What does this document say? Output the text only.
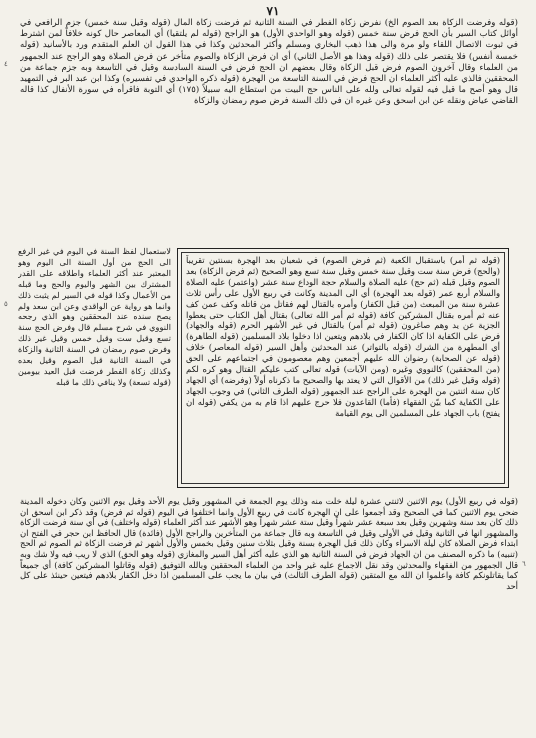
٧١
(قوله وفرضت الزكاة بعد الصوم الخ) نفرض زكاة الفطر في السنة الثانية ثم فرضت زكاة المال (قوله وقيل سنة خمس) جزم الرافعي في أوائل كتاب السير بأن الحج فرض سنة خمس (قوله وهو الواحدي الأول) هو الراجح (قوله لم يلتقيا) أي المعاصر حال كونه خلافاً لمن اشترط في ثبوت الاتصال اللقاء ولو مرة والى هذا ذهب البخاري ومسلم وأكثر المحدثين وكذا في هذا القول ان العلم المتقدم ورد بالأسانيد (قوله خمسة أنفس) فلا يقتصر على ذلك (قوله وهذا هو الأصل الثاني) أي ان فرض الزكاة والصوم متأخر عن فرض الصلاة وهو الراجح عند الجمهور من العلماء وقال آخرون الصوم فرض قبل الزكاة وقال بعضهم ان الحج فرض في السنة السادسة وقيل في التاسعة وبه جزم جماعة من المحققين فالذي عليه أكثر العلماء ان الحج فرض في السنة التاسعة من الهجرة (قوله ذكره الواحدي في تفسيره) وكذا ابن عبد البر في التمهيد قال وهو أصح ما قيل فيه لقوله تعالى ولله على الناس حج البيت من استطاع اليه سبيلاً (١٧٥) أي التوبة فاقرأه في سورة الأنفال كذا قاله القاضي عياض ونقله عن ابن اسحق وعن غيره ان في ذلك السنة فرض صوم رمضان والزكاة
(قوله ثم أمر) باستقبال الكعبة (ثم فرض الصوم) في شعبان بعد الهجرة بسنتين تقريباً (والحج) فرض سنة ست وقيل سنة خمس وقيل سنة تسع وهو الصحيح (ثم فرض الزكاة) بعد الصوم وقيل قبله (ثم حج) عليه الصلاة والسلام حجة الوداع سنة عشر (واعتمر) عليه الصلاة والسلام أربع عمر (قوله بعد الهجرة) أي الى المدينة وكانت في ربيع الأول على رأس ثلاث عشرة سنة من المبعث (من قبل الكفار) وأمره بالقتال لهم فقاتل من قاتله وكف عمن كف عنه ثم أمره بقتال المشركين كافة (قوله ثم أمر الله تعالى) بقتال أهل الكتاب حتى يعطوا الجزية عن يد وهم صاغرون (قوله ثم أمر) بالقتال في غير الأشهر الحرم (قوله والجهاد) فرض على الكفاية اذا كان الكفار في بلادهم ويتعين اذا دخلوا بلاد المسلمين (قوله الطاهرة) أي المطهرة من الشرك (قوله بالتواتر) عند المحدثين وأهل السير (قوله المعاصر) خلاف (قوله عن الصحابة) رضوان الله عليهم أجمعين وهم معصومون في اجتماعهم على الحق (من المحققين) كالنووي وغيره (ومن الآيات) قوله تعالى كتب عليكم القتال وهو كره لكم (قوله وقيل غير ذلك) من الأقوال التي لا يعتد بها والصحيح ما ذكرناه أولاً (وفرضه) أي الجهاد كان سنة اثنتين من الهجرة على الراجح عند الجمهور (قوله الطرف الثاني) في وجوب الجهاد على الكفاية كما بيّن الفقهاء (فأما) القاعدون فلا حرج عليهم اذا قام به من يكفي (قوله ان يفتح) باب الجهاد على المسلمين الى يوم القيامة
لاستعمال لفظ السنة في اليوم في غير الرفع الى الحج من أول السنة الى اليوم وهو المعتبر عند أكثر العلماء واطلاقه على القدر المشترك بين الشهر واليوم والحج وما قبله من الأعمال وكذا قوله في السير لم يثبت ذلك وانما هو رواية عن الواقدي وعن ابن سعد ولم يصح سنده عند المحققين وهو الذي رجحه النووي في شرح مسلم قال وفرض الحج سنة تسع وقيل ست وقيل خمس وقيل غير ذلك وفرض صوم رمضان في السنة الثانية والزكاة في السنة الثانية قبل الصوم وقيل بعده وكذلك زكاة الفطر فرضت قبل العيد بيومين (قوله تسعة) ولا ينافي ذلك ما قبله
(قوله في ربيع الأول) يوم الاثنين لاثنتي عشرة ليلة خلت منه وذلك يوم الجمعة في المشهور وقيل يوم الأحد وقيل يوم الاثنين وكان دخوله المدينة ضحى يوم الاثنين كما في الصحيح وقد أجمعوا على ان الهجرة كانت في ربيع الأول وانما اختلفوا في اليوم (قوله ثم فرض) وقد ذكر ابن اسحق ان ذلك كان بعد سنة وشهرين وقيل بعد سبعة عشر شهراً وقيل ستة عشر شهراً وهو الأشهر عند أكثر العلماء (قوله واختلف) في أي سنة فرضت الزكاة والمشهور انها في الثانية وقيل في الأولى وقيل في التاسعة وبه قال جماعة من المتأخرين والراجح الأول (فائدة) قال الحافظ ابن حجر في الفتح ان ابتداء فرض الصلاة كان ليلة الاسراء وكان ذلك قبل الهجرة بسنة وقيل بثلاث سنين وقيل بخمس والأول أشهر ثم فرضت الزكاة ثم الصوم ثم الحج (تنبيه) ما ذكره المصنف من ان الجهاد فرض في السنة الثانية هو الذي عليه أكثر أهل السير والمغازي (قوله وهو الحق) الذي لا ريب فيه ولا شك وبه قال الجمهور من الفقهاء والمحدثين وقد نقل الاجماع عليه غير واحد من العلماء المحققين وبالله التوفيق (قوله وقاتلوا المشركين كافة) أي جميعاً كما يقاتلونكم كافة واعلموا ان الله مع المتقين (قوله الطرف الثالث) في بيان ما يجب على المسلمين اذا دخل الكفار بلادهم فيتعين حينئذ على كل أحد
٤
٥
٦
